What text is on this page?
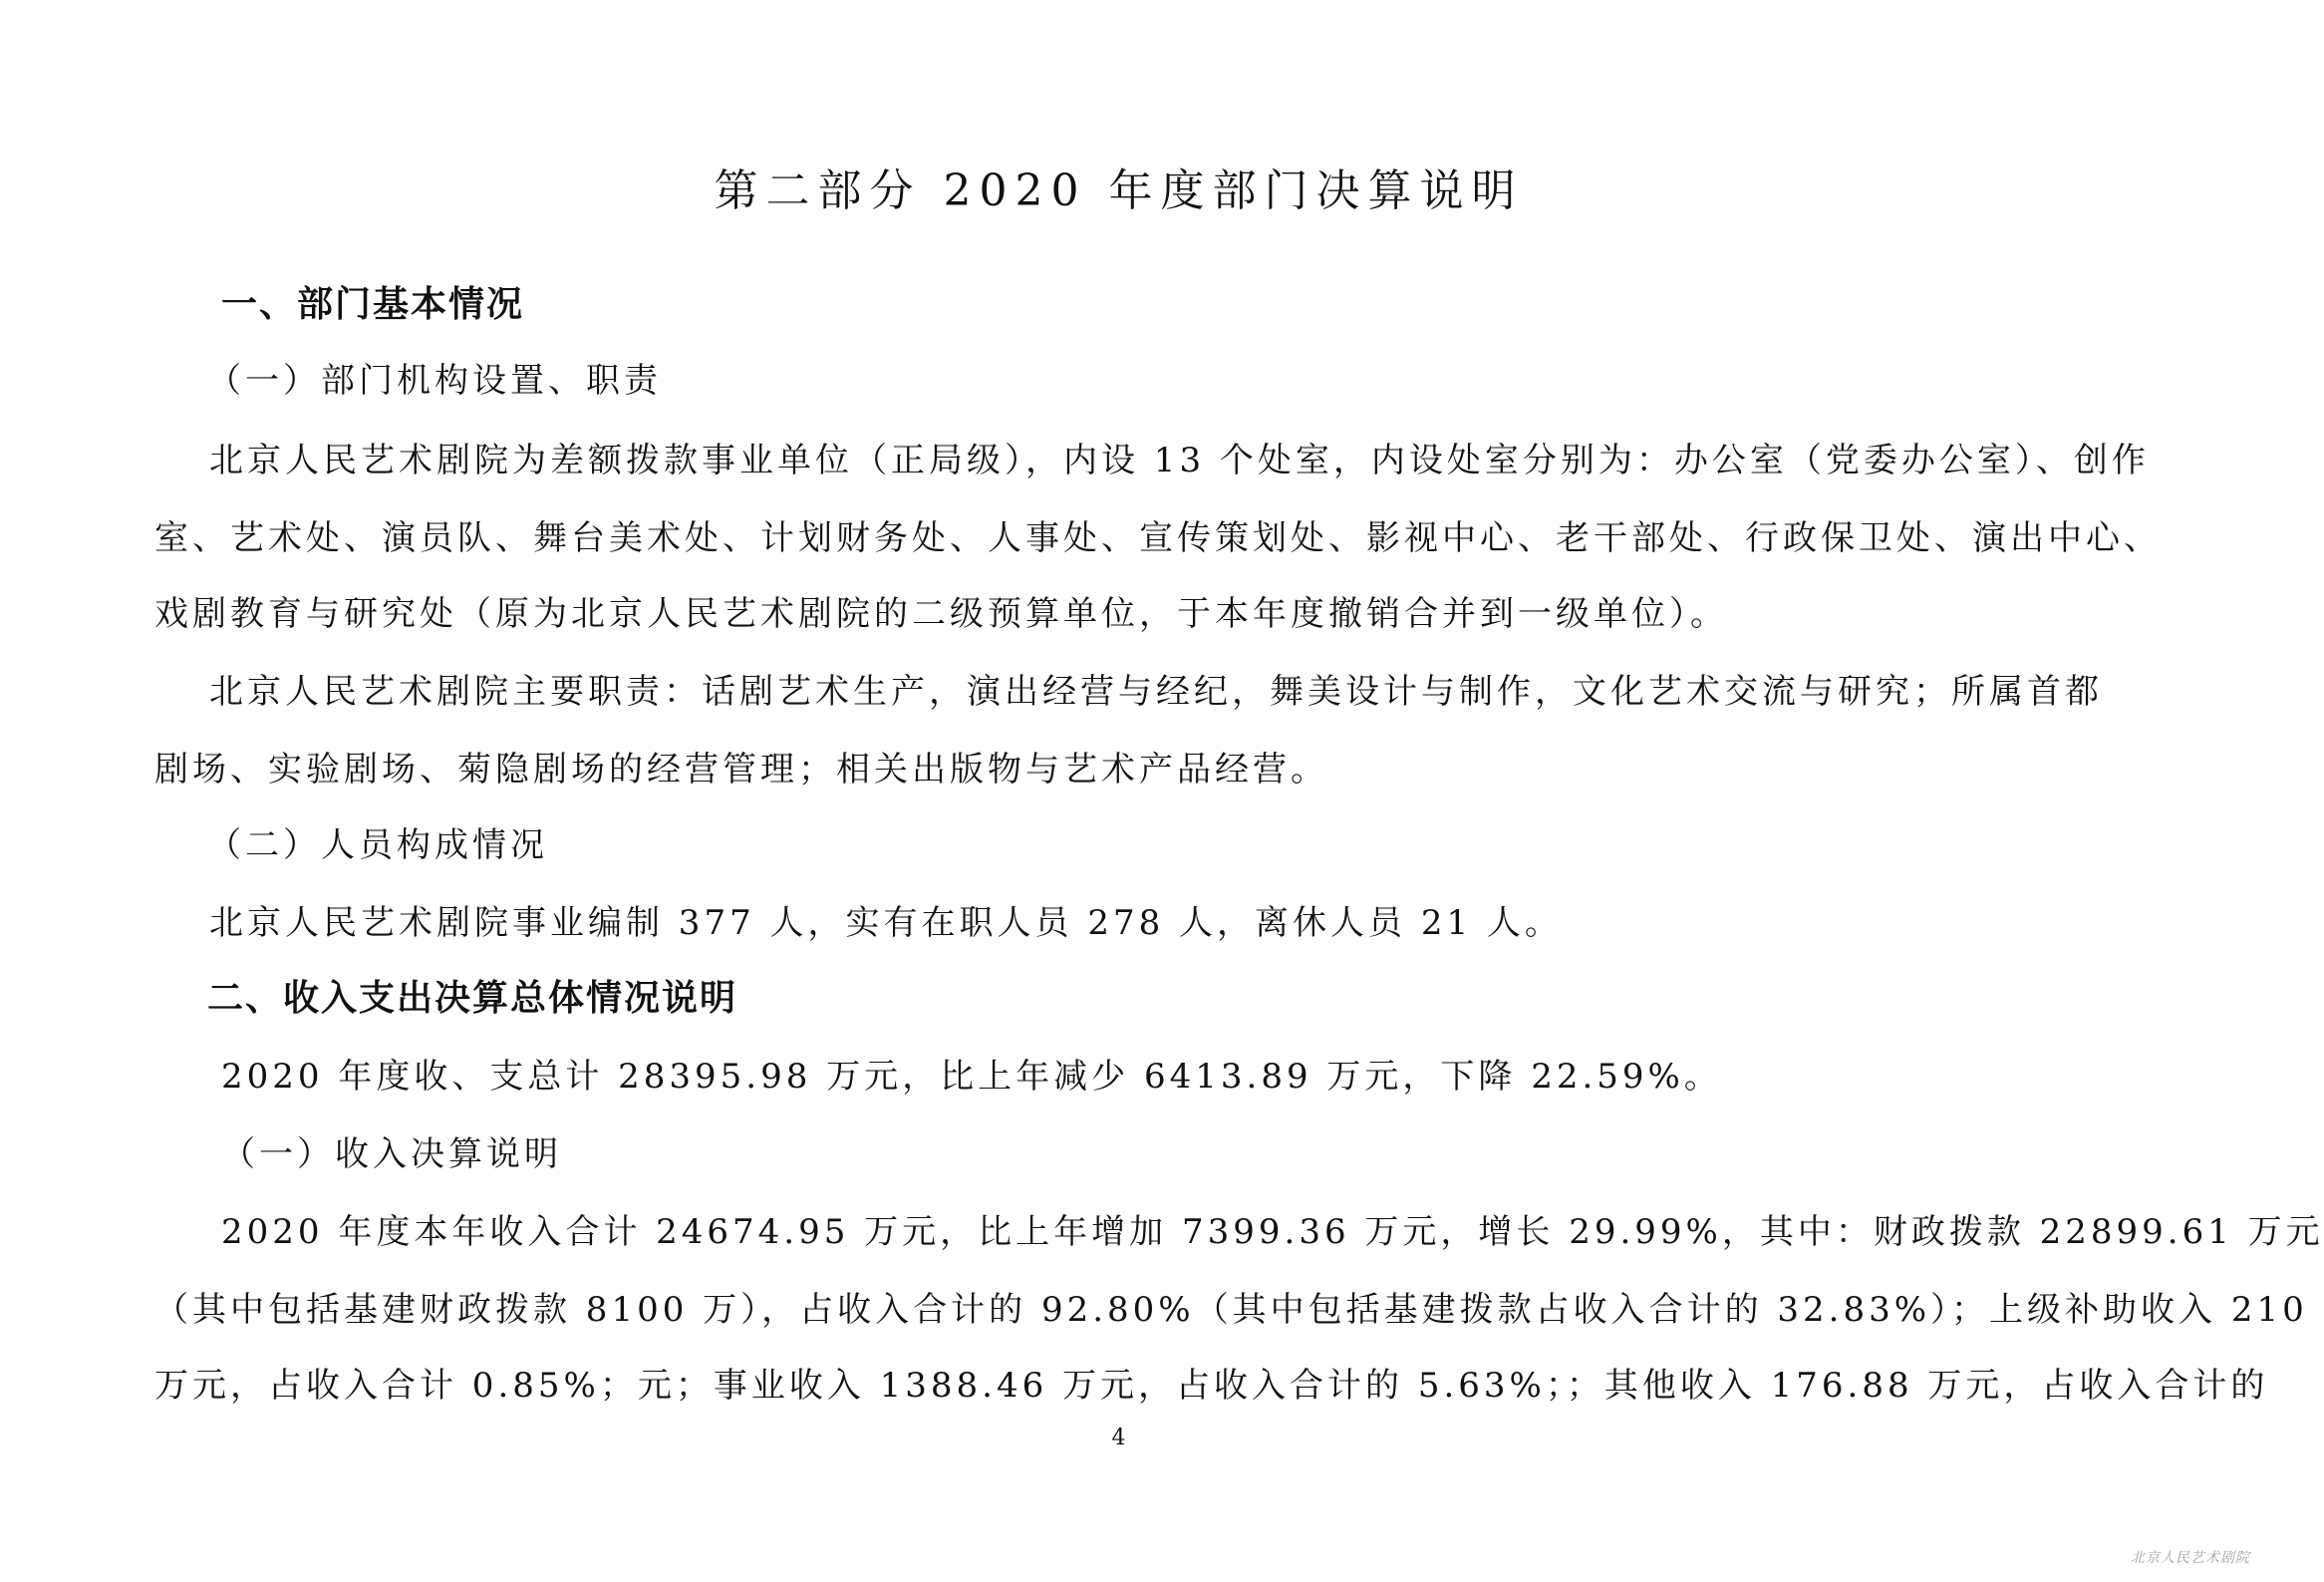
第二部分 2020 年度部门决算说明
一、部门基本情况
（一）部门机构设置、职责
北京人民艺术剧院为差额拨款事业单位（正局级），内设 13 个处室，内设处室分别为：办公室（党委办公室）、创作
室、艺术处、演员队、舞台美术处、计划财务处、人事处、宣传策划处、影视中心、老干部处、行政保卫处、演出中心、
戏剧教育与研究处（原为北京人民艺术剧院的二级预算单位，于本年度撤销合并到一级单位）。
北京人民艺术剧院主要职责：话剧艺术生产，演出经营与经纪，舞美设计与制作，文化艺术交流与研究；所属首都
剧场、实验剧场、菊隐剧场的经营管理；相关出版物与艺术产品经营。
（二）人员构成情况
北京人民艺术剧院事业编制 377 人，实有在职人员 278 人，离休人员 21 人。
二、收入支出决算总体情况说明
2020 年度收、支总计 28395.98 万元，比上年减少 6413.89 万元，下降 22.59%。
（一）收入决算说明
2020 年度本年收入合计 24674.95 万元，比上年增加 7399.36 万元，增长 29.99%，其中：财政拨款 22899.61 万元
（其中包括基建财政拨款 8100 万），占收入合计的 92.80%（其中包括基建拨款占收入合计的 32.83%）；上级补助收入 210
万元，占收入合计 0.85%；元；事业收入 1388.46 万元，占收入合计的 5.63%；；其他收入 176.88 万元，占收入合计的
4
北京人民艺术剧院
